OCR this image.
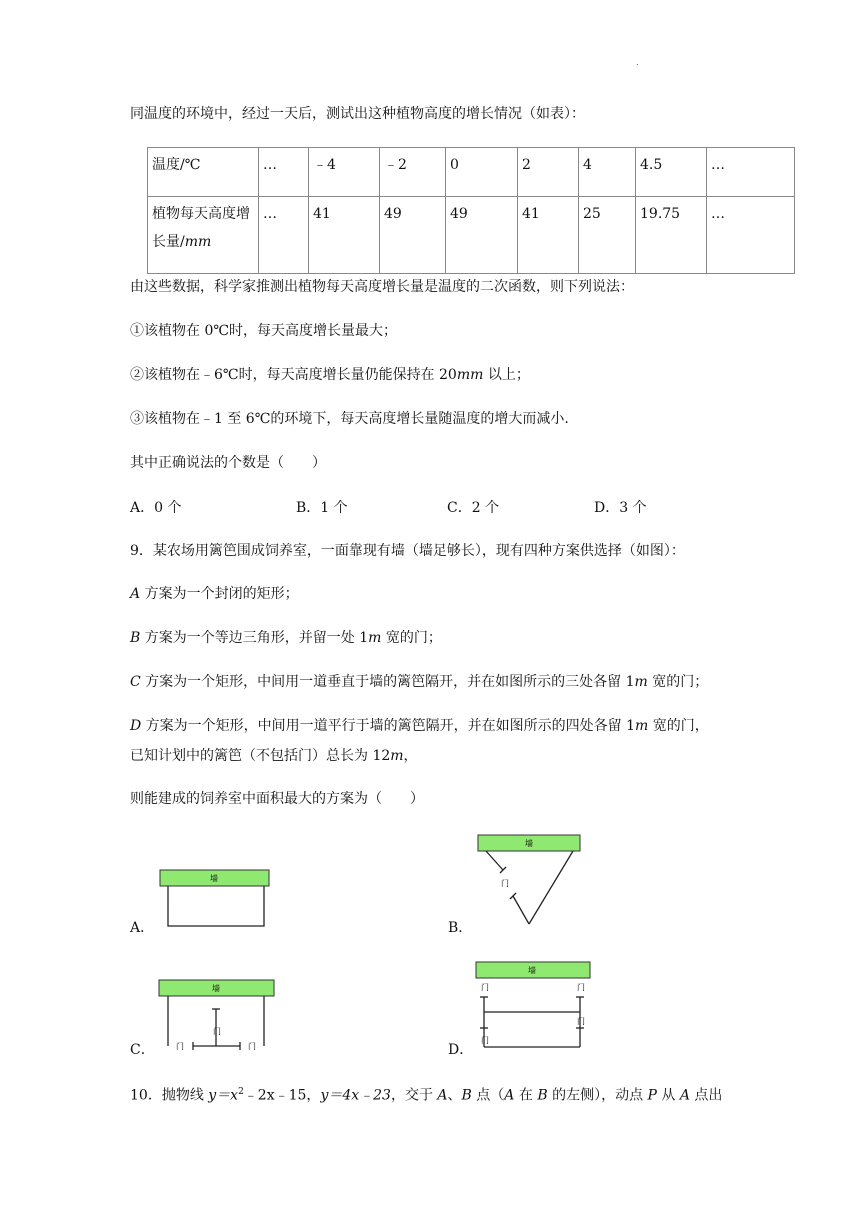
.
同温度的环境中，经过一天后，测试出这种植物高度的增长情况（如表）：
温度/℃	…	﹣4	﹣2	0	2	4	4.5	…
植物每天高度增
长量/mm	…	41	49	49	41	25	19.75	…
由这些数据，科学家推测出植物每天高度增长量是温度的二次函数，则下列说法：
①该植物在 0℃时，每天高度增长量最大；
②该植物在﹣6℃时，每天高度增长量仍能保持在 20mm 以上；
③该植物在﹣1 至 6℃的环境下，每天高度增长量随温度的增大而减小.
其中正确说法的个数是（　　）
A．0 个	B．1 个	C．2 个	D．3 个
9．某农场用篱笆围成饲养室，一面靠现有墙（墙足够长），现有四种方案供选择（如图）：
A 方案为一个封闭的矩形；
B 方案为一个等边三角形，并留一处 1m 宽的门；
C 方案为一个矩形，中间用一道垂直于墙的篱笆隔开，并在如图所示的三处各留 1m 宽的门；
D 方案为一个矩形，中间用一道平行于墙的篱笆隔开，并在如图所示的四处各留 1m 宽的门，
已知计划中的篱笆（不包括门）总长为 12m，
则能建成的饲养室中面积最大的方案为（　　）
A．	B．
C．	D．
墙
墙
墙
墙
门
门
门	门
门
门
门
门
10．抛物线 $y=x^2﹣2x﹣15$，y＝4x﹣23，交于 A、B 点（A 在 B 的左侧），动点 P 从 A 点出
